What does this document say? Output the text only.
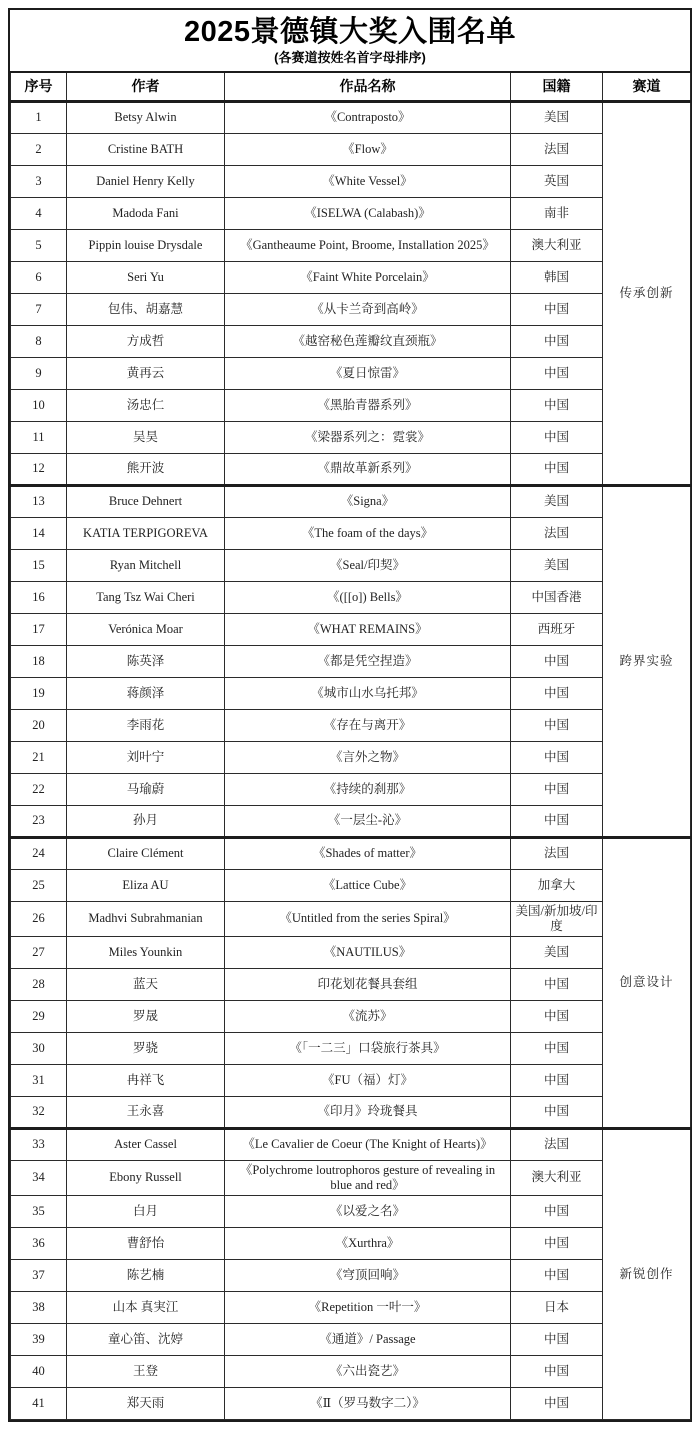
2025景德镇大奖入围名单
(各赛道按姓名首字母排序)
序号	作者	作品名称	国籍	赛道
1	Betsy Alwin	《Contraposto》	美国	传承创新
2	Cristine BATH	《Flow》	法国	
3	Daniel Henry Kelly	《White Vessel》	英国	
4	Madoda Fani	《ISELWA (Calabash)》	南非	
5	Pippin louise Drysdale	《Gantheaume Point, Broome, Installation 2025》	澳大利亚	
6	Seri Yu	《Faint White Porcelain》	韩国	
7	包伟、胡嘉慧	《从卡兰奇到高岭》	中国	
8	方成哲	《越窑秘色莲瓣纹直颈瓶》	中国	
9	黄再云	《夏日惊雷》	中国	
10	汤忠仁	《黑胎青器系列》	中国	
11	吴昊	《梁器系列之：霓裳》	中国	
12	熊开波	《鼎故革新系列》	中国	
13	Bruce Dehnert	《Signa》	美国	跨界实验
14	KATIA TERPIGOREVA	《The foam of the days》	法国	
15	Ryan Mitchell	《Seal/印契》	美国	
16	Tang Tsz Wai Cheri	《([[o]) Bells》	中国香港	
17	Verónica Moar	《WHAT REMAINS》	西班牙	
18	陈英泽	《都是凭空捏造》	中国	
19	蒋颜泽	《城市山水乌托邦》	中国	
20	李雨花	《存在与离开》	中国	
21	刘叶宁	《言外之物》	中国	
22	马瑜蔚	《持续的刹那》	中国	
23	孙月	《一层尘-沁》	中国	
24	Claire Clément	《Shades of matter》	法国	创意设计
25	Eliza AU	《Lattice Cube》	加拿大	
26	Madhvi Subrahmanian	《Untitled from the series Spiral》	美国/新加坡/印度	
27	Miles Younkin	《NAUTILUS》	美国	
28	蓝天	印花划花餐具套组	中国	
29	罗晟	《流苏》	中国	
30	罗骁	《「一二三」口袋旅行茶具》	中国	
31	冉祥飞	《FU（福）灯》	中国	
32	王永喜	《印月》玲珑餐具	中国	
33	Aster Cassel	《Le Cavalier de Coeur (The Knight of Hearts)》	法国	新锐创作
34	Ebony Russell	《Polychrome loutrophoros gesture of revealing in blue and red》	澳大利亚	
35	白月	《以爱之名》	中国	
36	曹舒怡	《Xurthra》	中国	
37	陈艺楠	《穹顶回响》	中国	
38	山本 真実江	《Repetition 一叶一》	日本	
39	童心笛、沈婷	《通道》/ Passage	中国	
40	王登	《六出瓷艺》	中国	
41	郑天雨	《Ⅱ（罗马数字二）》	中国	
